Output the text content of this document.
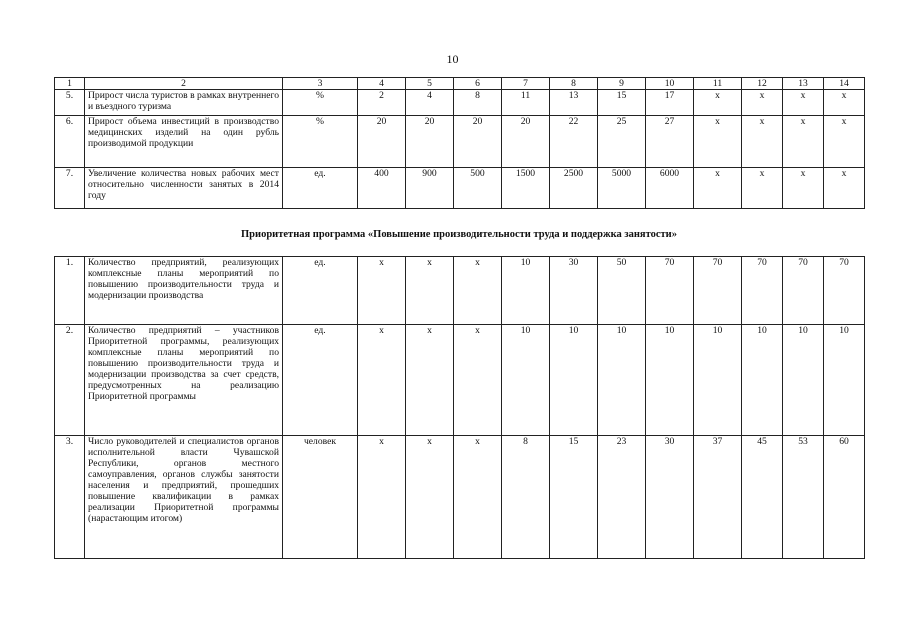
10
1	2	3	4	5	6	7	8	9	10	11	12	13	14
5.	Прирост числа туристов в рамках внутреннего и въездного туризма	%	2	4	8	11	13	15	17	х	х	х	х
6.	Прирост объема инвестиций в производство медицинских изделий на один рубль производимой продукции	%	20	20	20	20	22	25	27	х	х	х	х
7.	Увеличение количества новых рабочих мест относительно численности занятых в 2014 году	ед.	400	900	500	1500	2500	5000	6000	х	х	х	х
Приоритетная программа «Повышение производительности труда и поддержка занятости»
1.	Количество предприятий, реализующих комплексные планы мероприятий по повышению производительности труда и модернизации производства	ед.	х	х	х	10	30	50	70	70	70	70	70
2.	Количество предприятий – участников Приоритетной программы, реализующих комплексные планы мероприятий по повышению производительности труда и модернизации производства за счет средств, предусмотренных на реализацию Приоритетной программы	ед.	х	х	х	10	10	10	10	10	10	10	10
3.	Число руководителей и специалистов органов исполнительной власти Чувашской Республики, органов местного самоуправления, органов службы занятости населения и предприятий, прошедших повышение квалификации в рамках реализации Приоритетной программы (нарастающим итогом)	человек	х	х	х	8	15	23	30	37	45	53	60
